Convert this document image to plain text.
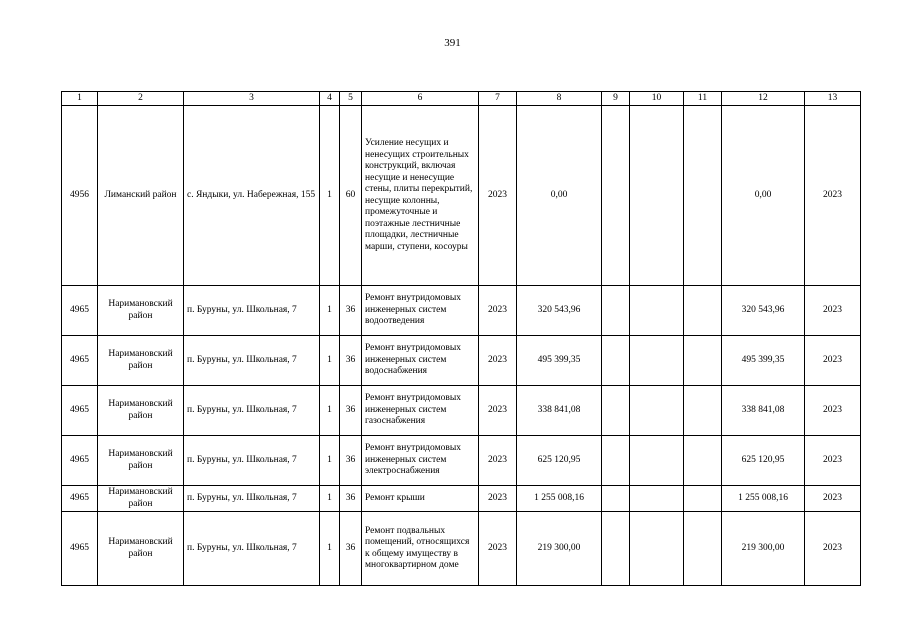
391
1	2	3	4	5	6	7	8	9	10	11	12	13
4956	Лиманский район	с. Яндыки, ул. Набережная, 155	1	60	Усиление несущих и ненесущих строительных конструкций, включая несущие и ненесущие стены, плиты перекрытий, несущие колонны, промежуточные и поэтажные лестничные площадки, лестничные марши, ступени, косоуры	2023	0,00				0,00	2023
4965	Наримановский район	п. Буруны, ул. Школьная, 7	1	36	Ремонт внутридомовых инженерных систем водоотведения	2023	320 543,96				320 543,96	2023
4965	Наримановский район	п. Буруны, ул. Школьная, 7	1	36	Ремонт внутридомовых инженерных систем водоснабжения	2023	495 399,35				495 399,35	2023
4965	Наримановский район	п. Буруны, ул. Школьная, 7	1	36	Ремонт внутридомовых инженерных систем газоснабжения	2023	338 841,08				338 841,08	2023
4965	Наримановский район	п. Буруны, ул. Школьная, 7	1	36	Ремонт внутридомовых инженерных систем электроснабжения	2023	625 120,95				625 120,95	2023
4965	Наримановский район	п. Буруны, ул. Школьная, 7	1	36	Ремонт крыши	2023	1 255 008,16				1 255 008,16	2023
4965	Наримановский район	п. Буруны, ул. Школьная, 7	1	36	Ремонт подвальных помещений, относящихся к общему имуществу в многоквартирном доме	2023	219 300,00				219 300,00	2023
